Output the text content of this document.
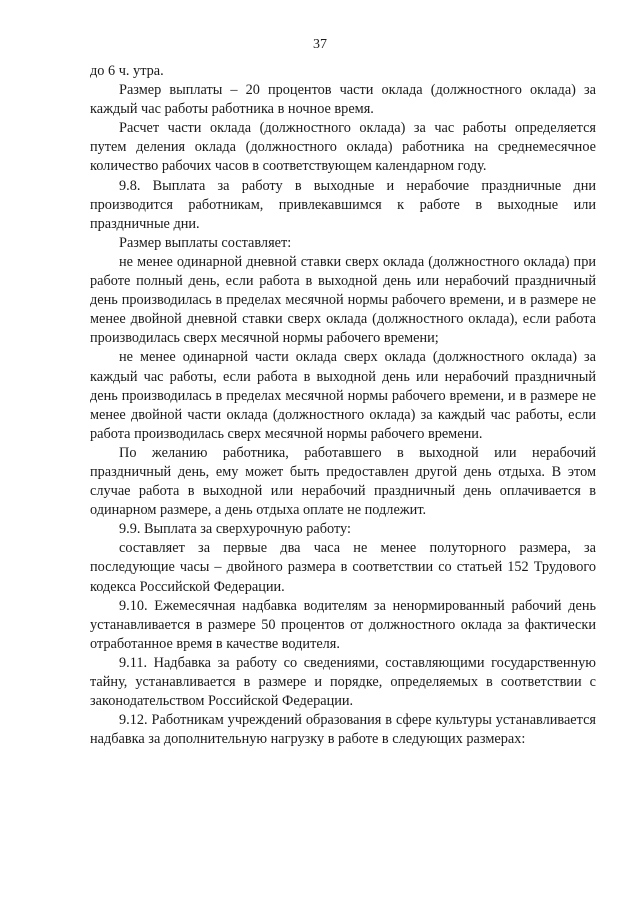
37

до 6 ч. утра.

Размер выплаты – 20 процентов части оклада (должностного оклада) за каждый час работы работника в ночное время.

Расчет части оклада (должностного оклада) за час работы определяется путем деления оклада (должностного оклада) работника на среднемесячное количество рабочих часов в соответствующем календарном году.

9.8. Выплата за работу в выходные и нерабочие праздничные дни производится работникам, привлекавшимся к работе в выходные или праздничные дни.

Размер выплаты составляет:

не менее одинарной дневной ставки сверх оклада (должностного оклада) при работе полный день, если работа в выходной день или нерабочий праздничный день производилась в пределах месячной нормы рабочего времени, и в размере не менее двойной дневной ставки сверх оклада (должностного оклада), если работа производилась сверх месячной нормы рабочего времени;

не менее одинарной части оклада сверх оклада (должностного оклада) за каждый час работы, если работа в выходной день или нерабочий праздничный день производилась в пределах месячной нормы рабочего времени, и в размере не менее двойной части оклада (должностного оклада) за каждый час работы, если работа производилась сверх месячной нормы рабочего времени.

По желанию работника, работавшего в выходной или нерабочий праздничный день, ему может быть предоставлен другой день отдыха. В этом случае работа в выходной или нерабочий праздничный день оплачивается в одинарном размере, а день отдыха оплате не подлежит.

9.9. Выплата за сверхурочную работу:

составляет за первые два часа не менее полуторного размера, за последующие часы – двойного размера в соответствии со статьей 152 Трудового кодекса Российской Федерации.

9.10. Ежемесячная надбавка водителям за ненормированный рабочий день устанавливается в размере 50 процентов от должностного оклада за фактически отработанное время в качестве водителя.

9.11. Надбавка за работу со сведениями, составляющими государственную тайну, устанавливается в размере и порядке, определяемых в соответствии с законодательством Российской Федерации.

9.12. Работникам учреждений образования в сфере культуры устанавливается надбавка за дополнительную нагрузку в работе в следующих размерах:
